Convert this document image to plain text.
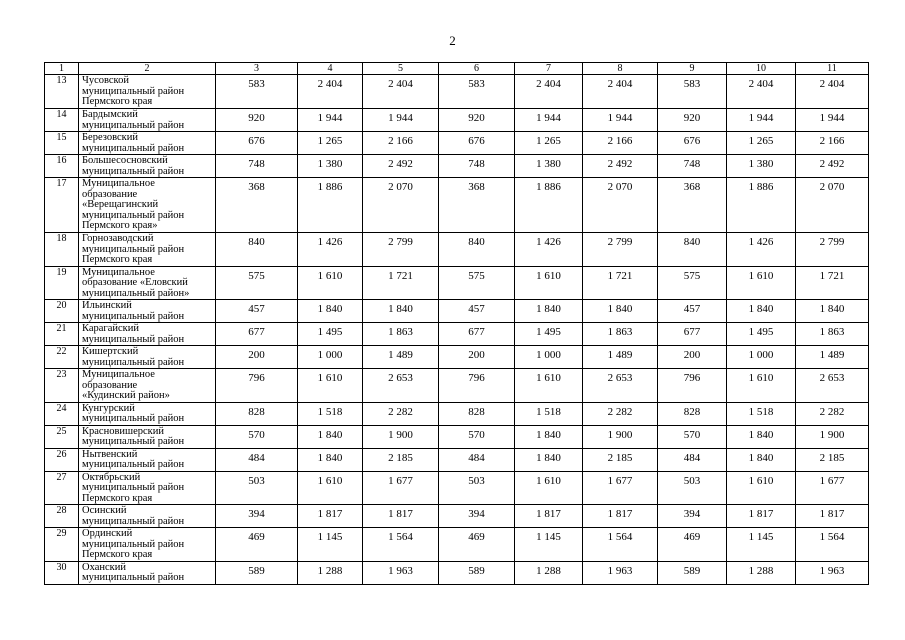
2
1	2	3	4	5	6	7	8	9	10	11
13	Чусовской
муниципальный район
Пермского края	583	2 404	2 404	583	2 404	2 404	583	2 404	2 404
14	Бардымский
муниципальный район	920	1 944	1 944	920	1 944	1 944	920	1 944	1 944
15	Березовский
муниципальный район	676	1 265	2 166	676	1 265	2 166	676	1 265	2 166
16	Большесосновский
муниципальный район	748	1 380	2 492	748	1 380	2 492	748	1 380	2 492
17	Муниципальное
образование
«Верещагинский
муниципальный район
Пермского края»	368	1 886	2 070	368	1 886	2 070	368	1 886	2 070
18	Горнозаводский
муниципальный район
Пермского края	840	1 426	2 799	840	1 426	2 799	840	1 426	2 799
19	Муниципальное
образование «Еловский
муниципальный район»	575	1 610	1 721	575	1 610	1 721	575	1 610	1 721
20	Ильинский
муниципальный район	457	1 840	1 840	457	1 840	1 840	457	1 840	1 840
21	Карагайский
муниципальный район	677	1 495	1 863	677	1 495	1 863	677	1 495	1 863
22	Кишертский
муниципальный район	200	1 000	1 489	200	1 000	1 489	200	1 000	1 489
23	Муниципальное
образование
«Кудинский район»	796	1 610	2 653	796	1 610	2 653	796	1 610	2 653
24	Кунгурский
муниципальный район	828	1 518	2 282	828	1 518	2 282	828	1 518	2 282
25	Красновишерский
муниципальный район	570	1 840	1 900	570	1 840	1 900	570	1 840	1 900
26	Нытвенский
муниципальный район	484	1 840	2 185	484	1 840	2 185	484	1 840	2 185
27	Октябрьский
муниципальный район
Пермского края	503	1 610	1 677	503	1 610	1 677	503	1 610	1 677
28	Осинский
муниципальный район	394	1 817	1 817	394	1 817	1 817	394	1 817	1 817
29	Ординский
муниципальный район
Пермского края	469	1 145	1 564	469	1 145	1 564	469	1 145	1 564
30	Оханский
муниципальный район	589	1 288	1 963	589	1 288	1 963	589	1 288	1 963
